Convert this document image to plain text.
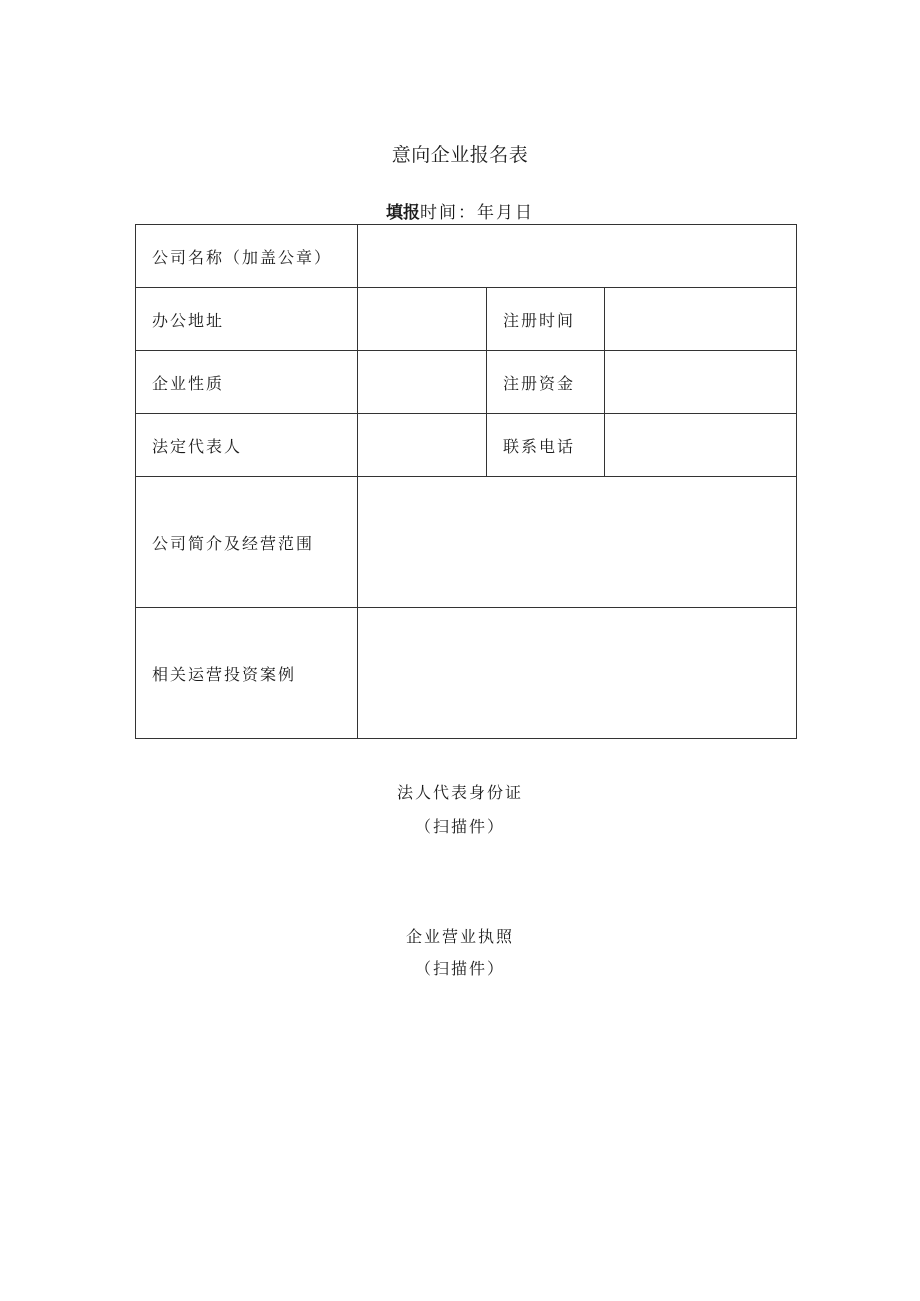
意向企业报名表
填报时间：年月日
公司名称（加盖公章）			
办公地址		注册时间	
企业性质		注册资金	
法定代表人		联系电话	
公司简介及经营范围			
相关运营投资案例			
法人代表身份证
（扫描件）
企业营业执照
（扫描件）
